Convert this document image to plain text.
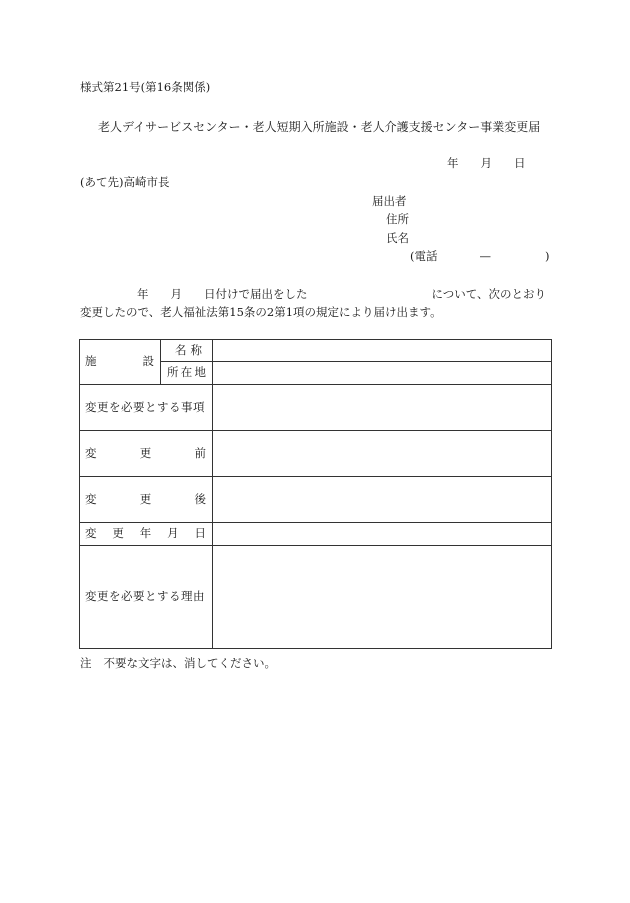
様式第21号(第16条関係)
老人デイサービスセンター・老人短期入所施設・老人介護支援センター事業変更届
年 月 日
(あて先)高崎市長
届出者
住所
氏名
(電話	—	)
年 月 日付けで届出をした	について、次のとおり
変更したので、老人福祉法第15条の2第1項の規定により届け出ます。
施 設	名 称	

	所 在 地	

変更を必要とする事項		

変 更 前		

変 更 後		

変 更 年 月 日		

変更を必要とする理由		

注 不要な文字は、消してください。
